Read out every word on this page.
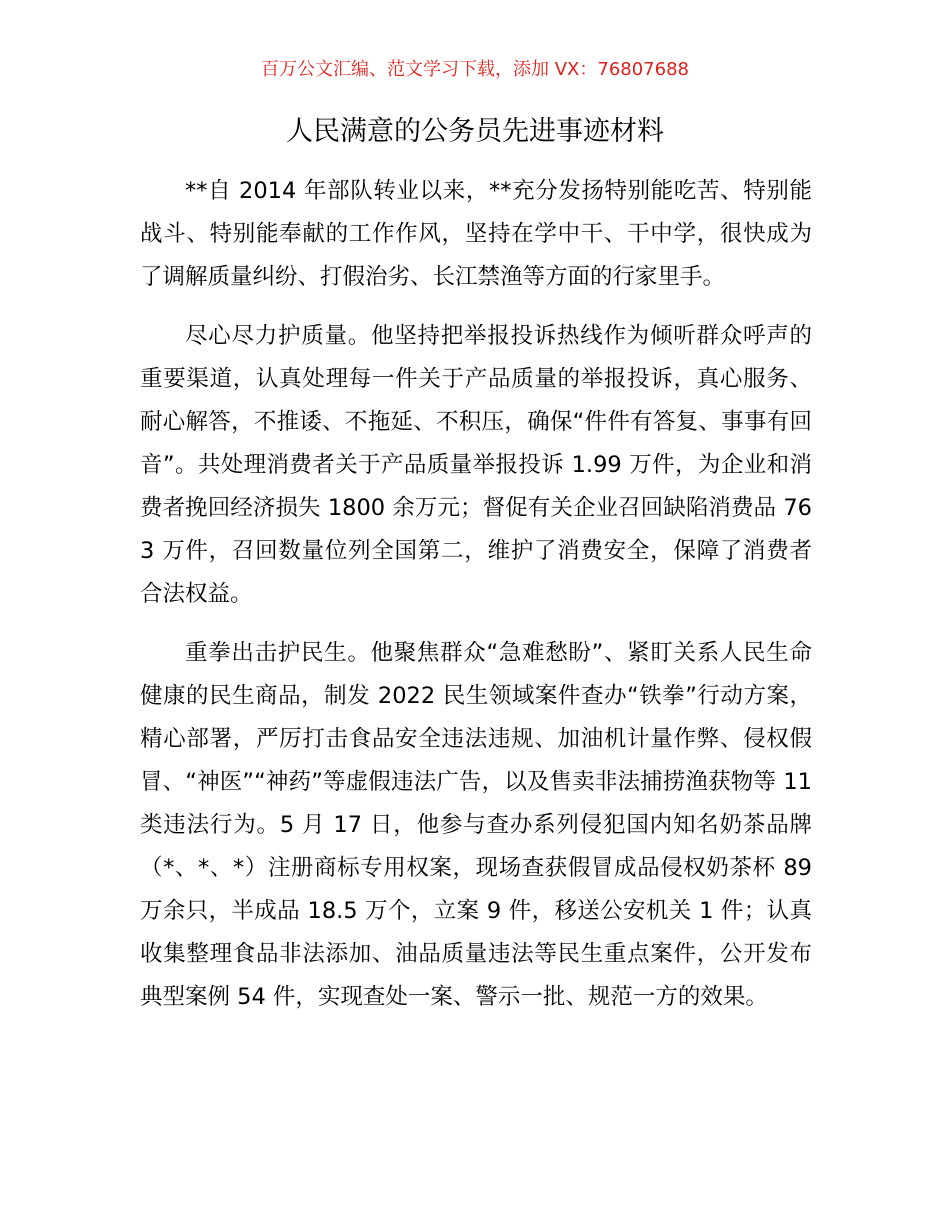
百万公文汇编、范文学习下载，添加 VX：76807688
人民满意的公务员先进事迹材料

**自 2014 年部队转业以来，**充分发扬特别能吃苦、特别能战斗、特别能奉献的工作作风，坚持在学中干、干中学，很快成为了调解质量纠纷、打假治劣、长江禁渔等方面的行家里手。

尽心尽力护质量。他坚持把举报投诉热线作为倾听群众呼声的重要渠道，认真处理每一件关于产品质量的举报投诉，真心服务、耐心解答，不推诿、不拖延、不积压，确保“件件有答复、事事有回音”。共处理消费者关于产品质量举报投诉 1.99 万件，为企业和消费者挽回经济损失 1800 余万元；督促有关企业召回缺陷消费品 763 万件，召回数量位列全国第二，维护了消费安全，保障了消费者合法权益。

重拳出击护民生。他聚焦群众“急难愁盼”、紧盯关系人民生命健康的民生商品，制发 2022 民生领域案件查办“铁拳”行动方案，精心部署，严厉打击食品安全违法违规、加油机计量作弊、侵权假冒、“神医”“神药”等虚假违法广告，以及售卖非法捕捞渔获物等 11 类违法行为。5 月 17 日，他参与查办系列侵犯国内知名奶茶品牌（*、*、*）注册商标专用权案，现场查获假冒成品侵权奶茶杯 89 万余只，半成品 18.5 万个，立案 9 件，移送公安机关 1 件；认真收集整理食品非法添加、油品质量违法等民生重点案件，公开发布典型案例 54 件，实现查处一案、警示一批、规范一方的效果。
